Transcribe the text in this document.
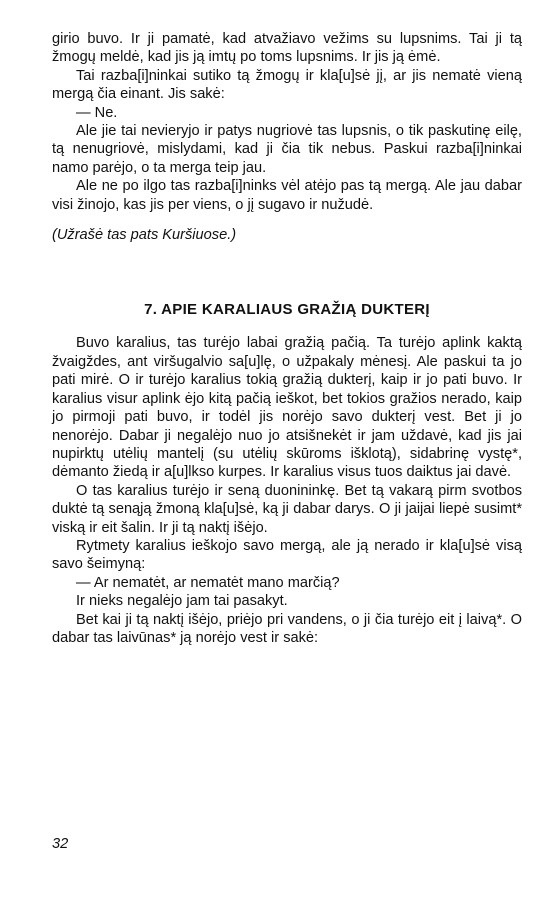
girio buvo. Ir ji pamatė, kad atvažiavo vežims su lupsnims. Tai ji tą žmogų meldė, kad jis ją imtų po toms lupsnims. Ir jis ją ėmė.

Tai razba[i]ninkai sutiko tą žmogų ir kla[u]sė jį, ar jis nematė vieną mergą čia einant. Jis sakė:

— Ne.

Ale jie tai nevieryjo ir patys nugriovė tas lupsnis, o tik paskutinę eilę, tą nenugriovė, mislydami, kad ji čia tik nebus. Paskui razba[i]ninkai namo parėjo, o ta merga teip jau.

Ale ne po ilgo tas razba[i]ninks vėl atėjo pas tą mergą. Ale jau dabar visi žinojo, kas jis per viens, o jį sugavo ir nužudė.

(Užrašė tas pats Kuršiuose.)

7. APIE KARALIAUS GRAŽIĄ DUKTERĮ

Buvo karalius, tas turėjo labai gražią pačią. Ta turėjo aplink kaktą žvaigždes, ant viršugalvio sa[u]lę, o užpakaly mėnesį. Ale paskui ta jo pati mirė. O ir turėjo karalius tokią gražią dukterį, kaip ir jo pati buvo. Ir karalius visur aplink ėjo kitą pačią ieškot, bet tokios gražios nerado, kaip jo pirmoji pati buvo, ir todėl jis norėjo savo dukterį vest. Bet ji jo nenorėjo. Dabar ji negalėjo nuo jo atsišnekėt ir jam uždavė, kad jis jai nupirktų utėlių mantelį (su utėlių skūroms išklotą), sidabrinę vystę*, dėmanto žiedą ir a[u]lkso kurpes. Ir karalius visus tuos daiktus jai davė.

O tas karalius turėjo ir seną duonininkę. Bet tą vakarą pirm svotbos duktė tą senąją žmoną kla[u]sė, ką ji dabar darys. O ji jaijai liepė susimt* viską ir eit šalin. Ir ji tą naktį išėjo.

Rytmety karalius ieškojo savo mergą, ale ją nerado ir kla[u]sė visą savo šeimyną:

— Ar nematėt, ar nematėt mano marčią?

Ir nieks negalėjo jam tai pasakyt.

Bet kai ji tą naktį išėjo, priėjo pri vandens, o ji čia turėjo eit į laivą*. O dabar tas laivūnas* ją norėjo vest ir sakė:

32
